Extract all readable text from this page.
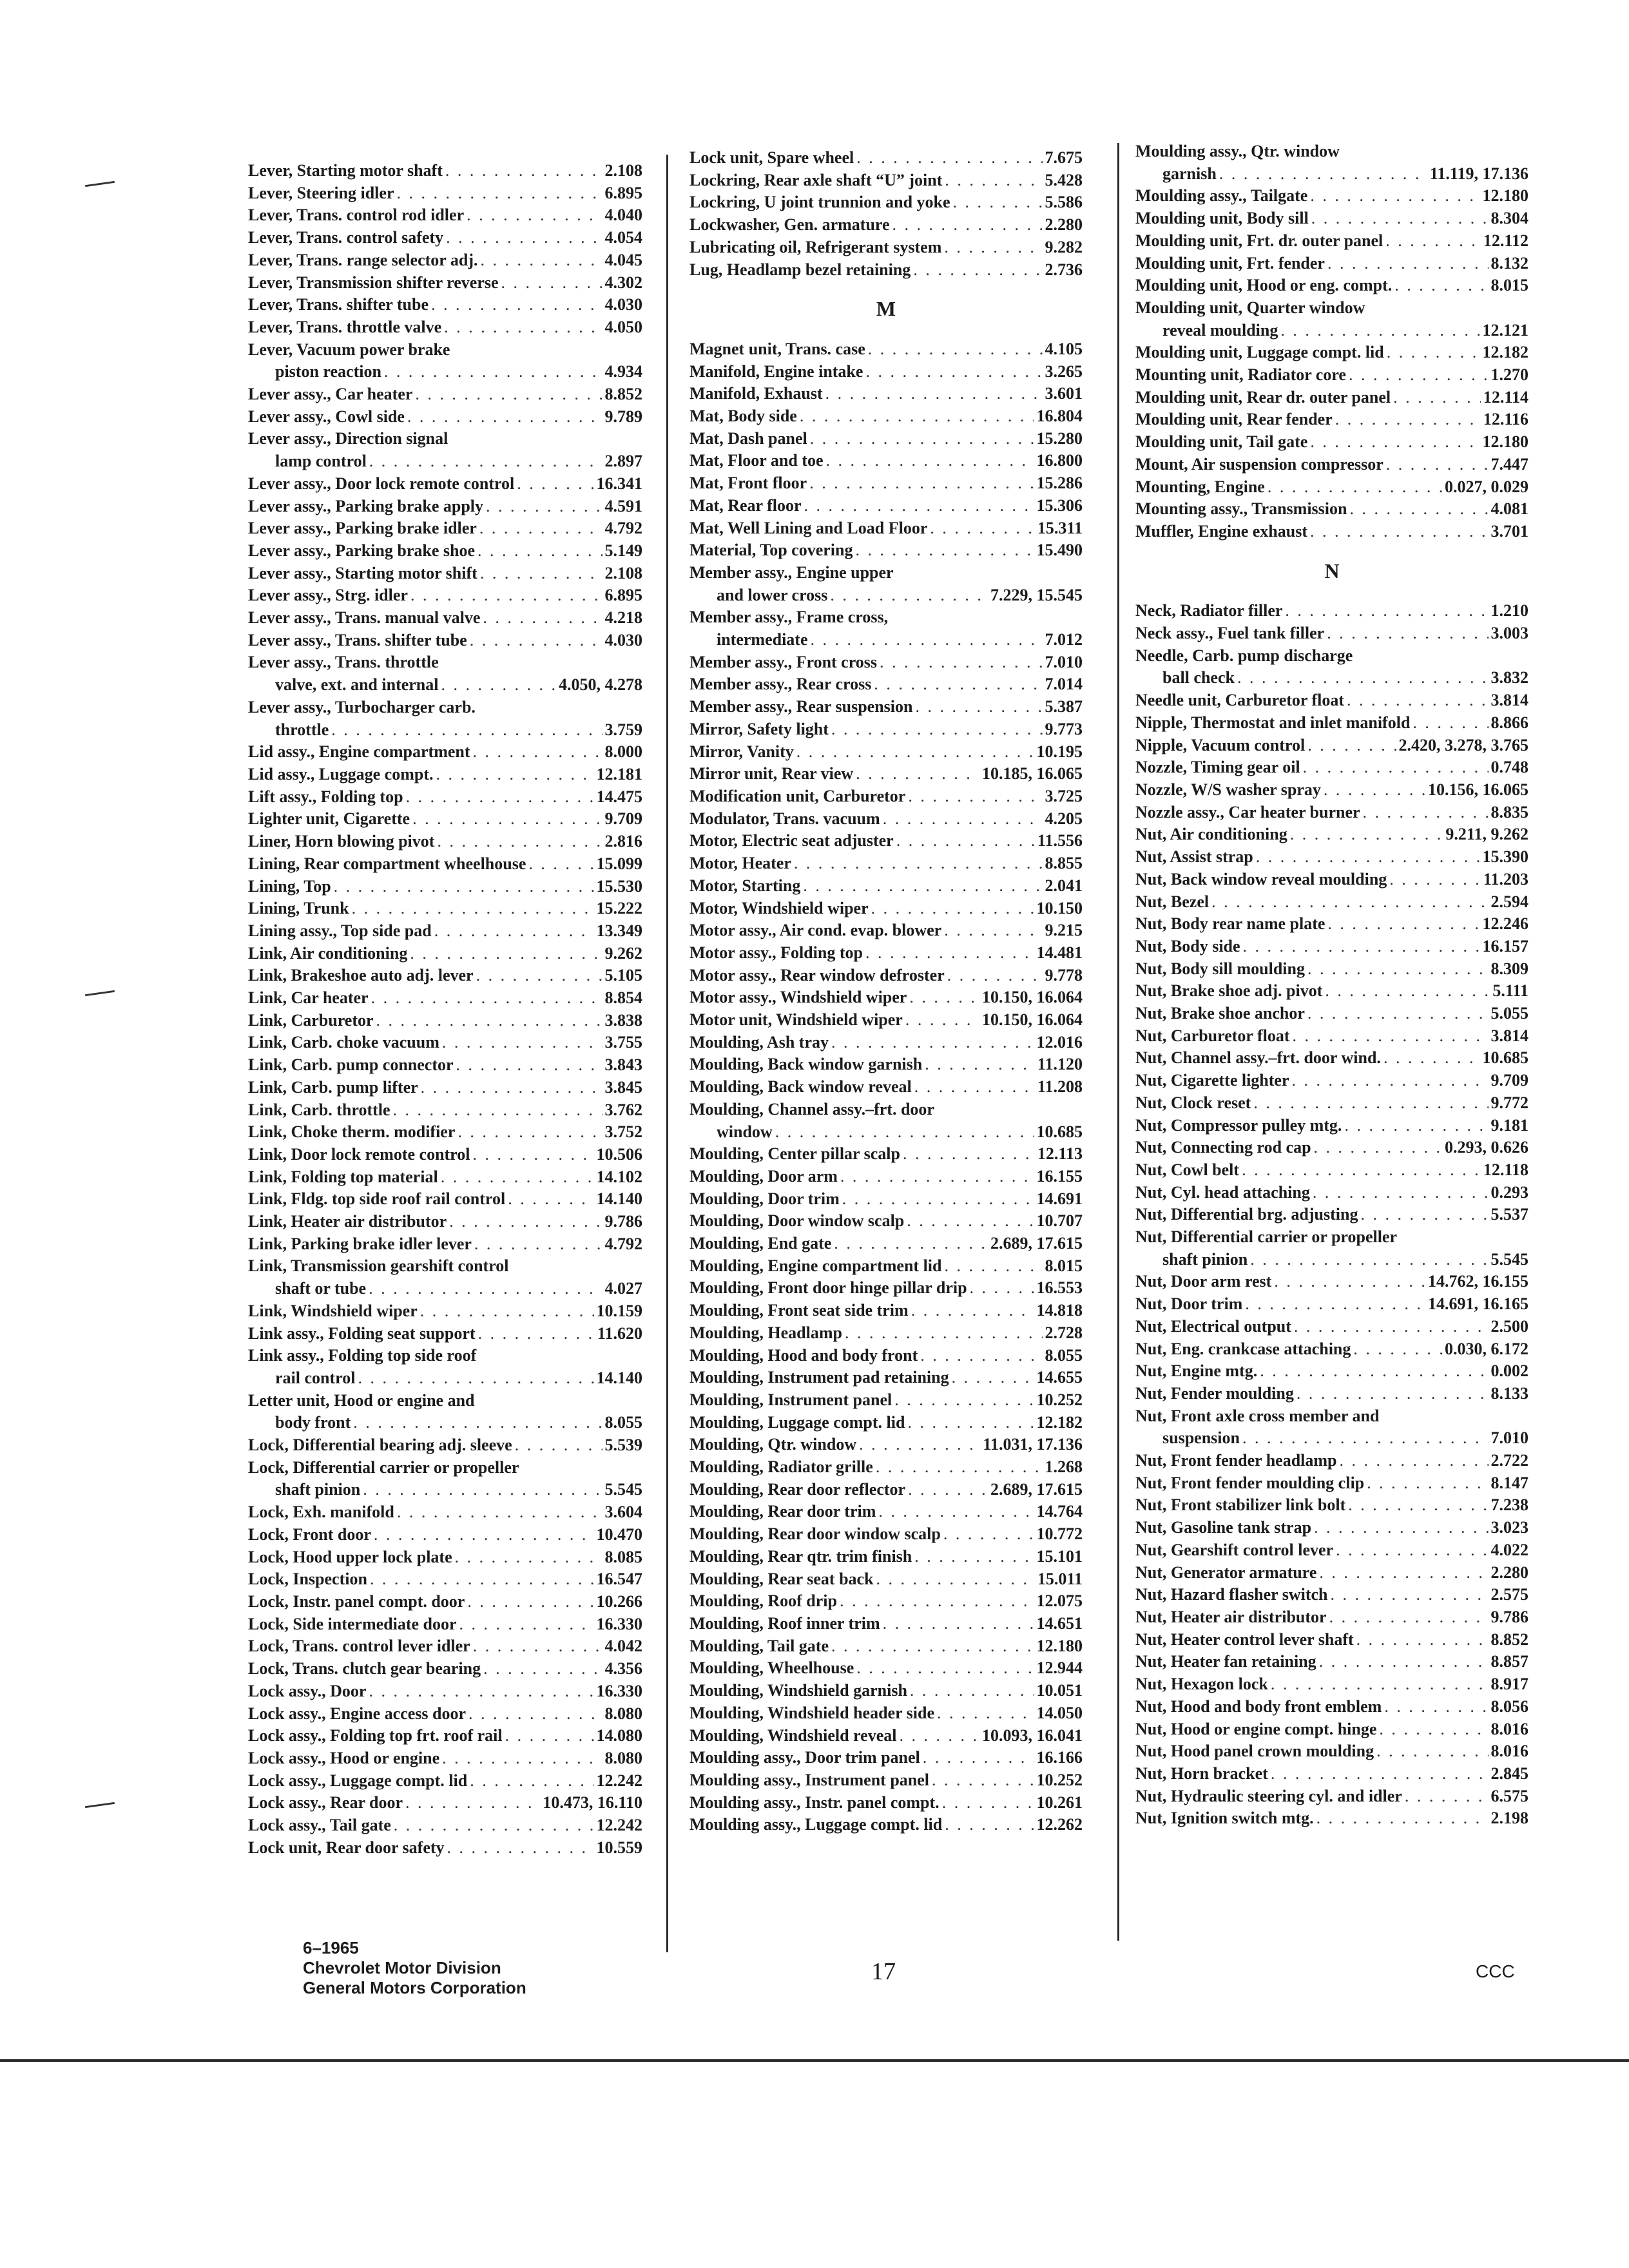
Lever, Starting motor shaft . . .	2.108
Lever, Steering idler . . .	6.895
Lever, Trans. control rod idler . . .	4.040
Lever, Trans. control safety . . .	4.054
Lever, Trans. range selector adj. . . .	4.045
Lever, Transmission shifter reverse . . .	4.302
Lever, Trans. shifter tube . . .	4.030
Lever, Trans. throttle valve . . .	4.050
Lever, Vacuum power brake
piston reaction . . .	4.934
Lever assy., Car heater . . .	8.852
Lever assy., Cowl side . . .	9.789
Lever assy., Direction signal
lamp control . . .	2.897
Lever assy., Door lock remote control . . .	16.341
Lever assy., Parking brake apply . . .	4.591
Lever assy., Parking brake idler . . .	4.792
Lever assy., Parking brake shoe . . .	5.149
Lever assy., Starting motor shift . . .	2.108
Lever assy., Strg. idler . . .	6.895
Lever assy., Trans. manual valve . . .	4.218
Lever assy., Trans. shifter tube . . .	4.030
Lever assy., Trans. throttle
valve, ext. and internal . . .	4.050, 4.278
Lever assy., Turbocharger carb.
throttle . . .	3.759
Lid assy., Engine compartment . . .	8.000
Lid assy., Luggage compt. . . .	12.181
Lift assy., Folding top . . .	14.475
Lighter unit, Cigarette . . .	9.709
Liner, Horn blowing pivot . . .	2.816
Lining, Rear compartment wheelhouse . . .	15.099
Lining, Top . . .	15.530
Lining, Trunk . . .	15.222
Lining assy., Top side pad . . .	13.349
Link, Air conditioning . . .	9.262
Link, Brakeshoe auto adj. lever . . .	5.105
Link, Car heater . . .	8.854
Link, Carburetor . . .	3.838
Link, Carb. choke vacuum . . .	3.755
Link, Carb. pump connector . . .	3.843
Link, Carb. pump lifter . . .	3.845
Link, Carb. throttle . . .	3.762
Link, Choke therm. modifier . . .	3.752
Link, Door lock remote control . . .	10.506
Link, Folding top material . . .	14.102
Link, Fldg. top side roof rail control . . .	14.140
Link, Heater air distributor . . .	9.786
Link, Parking brake idler lever . . .	4.792
Link, Transmission gearshift control
shaft or tube . . .	4.027
Link, Windshield wiper . . .	10.159
Link assy., Folding seat support . . .	11.620
Link assy., Folding top side roof
rail control . . .	14.140
Letter unit, Hood or engine and
body front . . .	8.055
Lock, Differential bearing adj. sleeve . . .	5.539
Lock, Differential carrier or propeller
shaft pinion . . .	5.545
Lock, Exh. manifold . . .	3.604
Lock, Front door . . .	10.470
Lock, Hood upper lock plate . . .	8.085
Lock, Inspection . . .	16.547
Lock, Instr. panel compt. door . . .	10.266
Lock, Side intermediate door . . .	16.330
Lock, Trans. control lever idler . . .	4.042
Lock, Trans. clutch gear bearing . . .	4.356
Lock assy., Door . . .	16.330
Lock assy., Engine access door . . .	8.080
Lock assy., Folding top frt. roof rail . . .	14.080
Lock assy., Hood or engine . . .	8.080
Lock assy., Luggage compt. lid . . .	12.242
Lock assy., Rear door . . .	10.473, 16.110
Lock assy., Tail gate . . .	12.242
Lock unit, Rear door safety . . .	10.559
Lock unit, Spare wheel . . .	7.675
Lockring, Rear axle shaft “U” joint . . .	5.428
Lockring, U joint trunnion and yoke . . .	5.586
Lockwasher, Gen. armature . . .	2.280
Lubricating oil, Refrigerant system . . .	9.282
Lug, Headlamp bezel retaining . . .	2.736
M
Magnet unit, Trans. case . . .	4.105
Manifold, Engine intake . . .	3.265
Manifold, Exhaust . . .	3.601
Mat, Body side . . .	16.804
Mat, Dash panel . . .	15.280
Mat, Floor and toe . . .	16.800
Mat, Front floor . . .	15.286
Mat, Rear floor . . .	15.306
Mat, Well Lining and Load Floor . . .	15.311
Material, Top covering . . .	15.490
Member assy., Engine upper
and lower cross . . .	7.229, 15.545
Member assy., Frame cross,
intermediate . . .	7.012
Member assy., Front cross . . .	7.010
Member assy., Rear cross . . .	7.014
Member assy., Rear suspension . . .	5.387
Mirror, Safety light . . .	9.773
Mirror, Vanity . . .	10.195
Mirror unit, Rear view . . .	10.185, 16.065
Modification unit, Carburetor . . .	3.725
Modulator, Trans. vacuum . . .	4.205
Motor, Electric seat adjuster . . .	11.556
Motor, Heater . . .	8.855
Motor, Starting . . .	2.041
Motor, Windshield wiper . . .	10.150
Motor assy., Air cond. evap. blower . . .	9.215
Motor assy., Folding top . . .	14.481
Motor assy., Rear window defroster . . .	9.778
Motor assy., Windshield wiper . . .	10.150, 16.064
Motor unit, Windshield wiper . . .	10.150, 16.064
Moulding, Ash tray . . .	12.016
Moulding, Back window garnish . . .	11.120
Moulding, Back window reveal . . .	11.208
Moulding, Channel assy.–frt. door
window . . .	10.685
Moulding, Center pillar scalp . . .	12.113
Moulding, Door arm . . .	16.155
Moulding, Door trim . . .	14.691
Moulding, Door window scalp . . .	10.707
Moulding, End gate . . .	2.689, 17.615
Moulding, Engine compartment lid . . .	8.015
Moulding, Front door hinge pillar drip . . .	16.553
Moulding, Front seat side trim . . .	14.818
Moulding, Headlamp . . .	2.728
Moulding, Hood and body front . . .	8.055
Moulding, Instrument pad retaining . . .	14.655
Moulding, Instrument panel . . .	10.252
Moulding, Luggage compt. lid . . .	12.182
Moulding, Qtr. window . . .	11.031, 17.136
Moulding, Radiator grille . . .	1.268
Moulding, Rear door reflector . . .	2.689, 17.615
Moulding, Rear door trim . . .	14.764
Moulding, Rear door window scalp . . .	10.772
Moulding, Rear qtr. trim finish . . .	15.101
Moulding, Rear seat back . . .	15.011
Moulding, Roof drip . . .	12.075
Moulding, Roof inner trim . . .	14.651
Moulding, Tail gate . . .	12.180
Moulding, Wheelhouse . . .	12.944
Moulding, Windshield garnish . . .	10.051
Moulding, Windshield header side . . .	14.050
Moulding, Windshield reveal . . .	10.093, 16.041
Moulding assy., Door trim panel . . .	16.166
Moulding assy., Instrument panel . . .	10.252
Moulding assy., Instr. panel compt. . . .	10.261
Moulding assy., Luggage compt. lid . . .	12.262
Moulding assy., Qtr. window
garnish . . .	11.119, 17.136
Moulding assy., Tailgate . . .	12.180
Moulding unit, Body sill . . .	8.304
Moulding unit, Frt. dr. outer panel . . .	12.112
Moulding unit, Frt. fender . . .	8.132
Moulding unit, Hood or eng. compt. . . .	8.015
Moulding unit, Quarter window
reveal moulding . . .	12.121
Moulding unit, Luggage compt. lid . . .	12.182
Mounting unit, Radiator core . . .	1.270
Moulding unit, Rear dr. outer panel . . .	12.114
Moulding unit, Rear fender . . .	12.116
Moulding unit, Tail gate . . .	12.180
Mount, Air suspension compressor . . .	7.447
Mounting, Engine . . .	0.027, 0.029
Mounting assy., Transmission . . .	4.081
Muffler, Engine exhaust . . .	3.701
N
Neck, Radiator filler . . .	1.210
Neck assy., Fuel tank filler . . .	3.003
Needle, Carb. pump discharge
ball check . . .	3.832
Needle unit, Carburetor float . . .	3.814
Nipple, Thermostat and inlet manifold . . .	8.866
Nipple, Vacuum control . . .	2.420, 3.278, 3.765
Nozzle, Timing gear oil . . .	0.748
Nozzle, W/S washer spray . . .	10.156, 16.065
Nozzle assy., Car heater burner . . .	8.835
Nut, Air conditioning . . .	9.211, 9.262
Nut, Assist strap . . .	15.390
Nut, Back window reveal moulding . . .	11.203
Nut, Bezel . . .	2.594
Nut, Body rear name plate . . .	12.246
Nut, Body side . . .	16.157
Nut, Body sill moulding . . .	8.309
Nut, Brake shoe adj. pivot . . .	5.111
Nut, Brake shoe anchor . . .	5.055
Nut, Carburetor float . . .	3.814
Nut, Channel assy.–frt. door wind. . . .	10.685
Nut, Cigarette lighter . . .	9.709
Nut, Clock reset . . .	9.772
Nut, Compressor pulley mtg. . . .	9.181
Nut, Connecting rod cap . . .	0.293, 0.626
Nut, Cowl belt . . .	12.118
Nut, Cyl. head attaching . . .	0.293
Nut, Differential brg. adjusting . . .	5.537
Nut, Differential carrier or propeller
shaft pinion . . .	5.545
Nut, Door arm rest . . .	14.762, 16.155
Nut, Door trim . . .	14.691, 16.165
Nut, Electrical output . . .	2.500
Nut, Eng. crankcase attaching . . .	0.030, 6.172
Nut, Engine mtg. . . .	0.002
Nut, Fender moulding . . .	8.133
Nut, Front axle cross member and
suspension . . .	7.010
Nut, Front fender headlamp . . .	2.722
Nut, Front fender moulding clip . . .	8.147
Nut, Front stabilizer link bolt . . .	7.238
Nut, Gasoline tank strap . . .	3.023
Nut, Gearshift control lever . . .	4.022
Nut, Generator armature . . .	2.280
Nut, Hazard flasher switch . . .	2.575
Nut, Heater air distributor . . .	9.786
Nut, Heater control lever shaft . . .	8.852
Nut, Heater fan retaining . . .	8.857
Nut, Hexagon lock . . .	8.917
Nut, Hood and body front emblem . . .	8.056
Nut, Hood or engine compt. hinge . . .	8.016
Nut, Hood panel crown moulding . . .	8.016
Nut, Horn bracket . . .	2.845
Nut, Hydraulic steering cyl. and idler . . .	6.575
Nut, Ignition switch mtg. . . .	2.198
6–1965
Chevrolet Motor Division
General Motors Corporation
17	CCC
